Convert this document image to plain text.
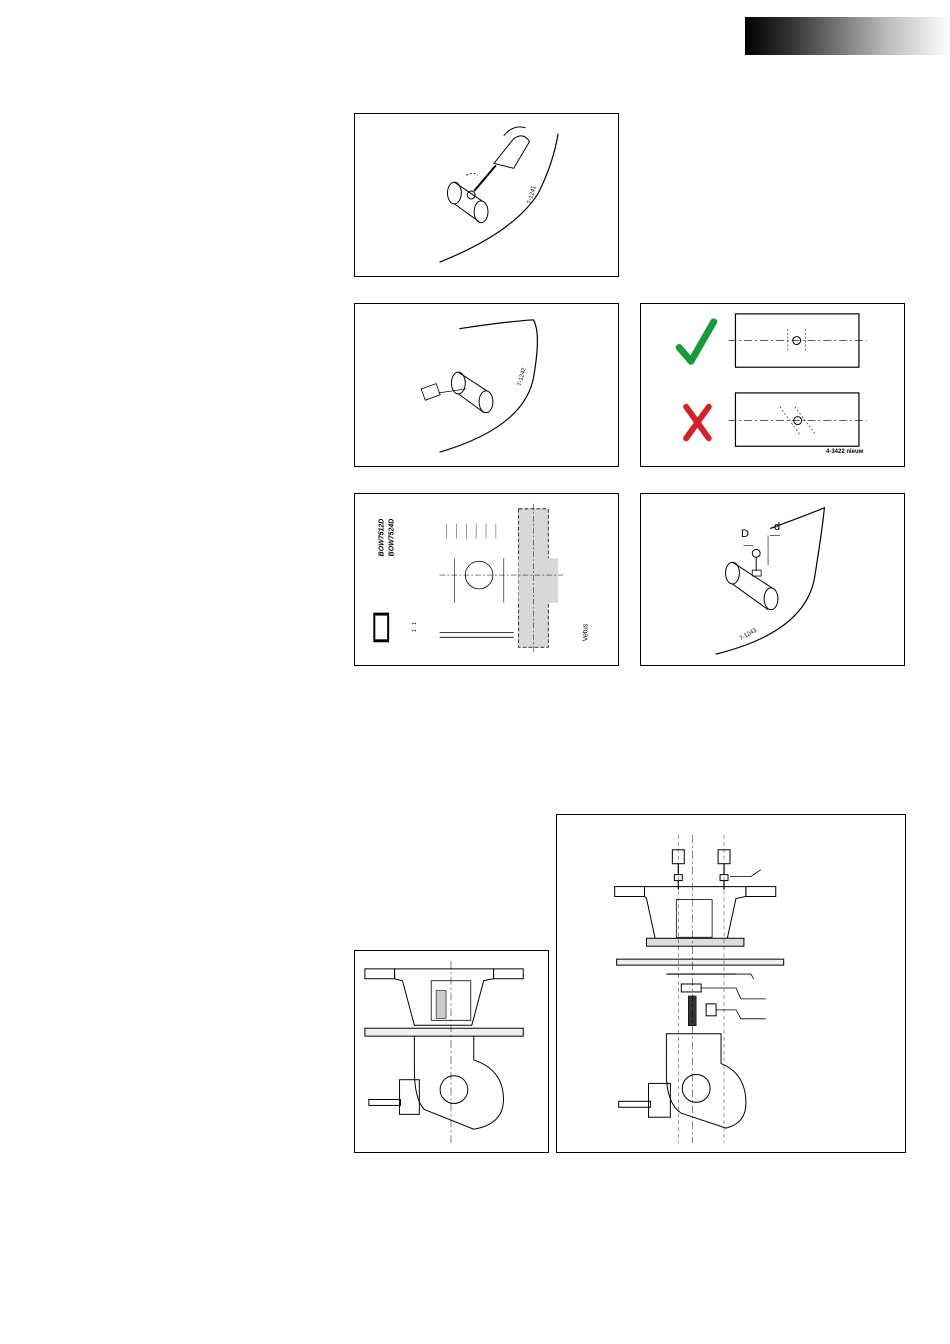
7-1241
7-1242
4-3422 nieuw
BOW7512D BOW7524D
1 : 1	Vetus
D
d
7-1243
